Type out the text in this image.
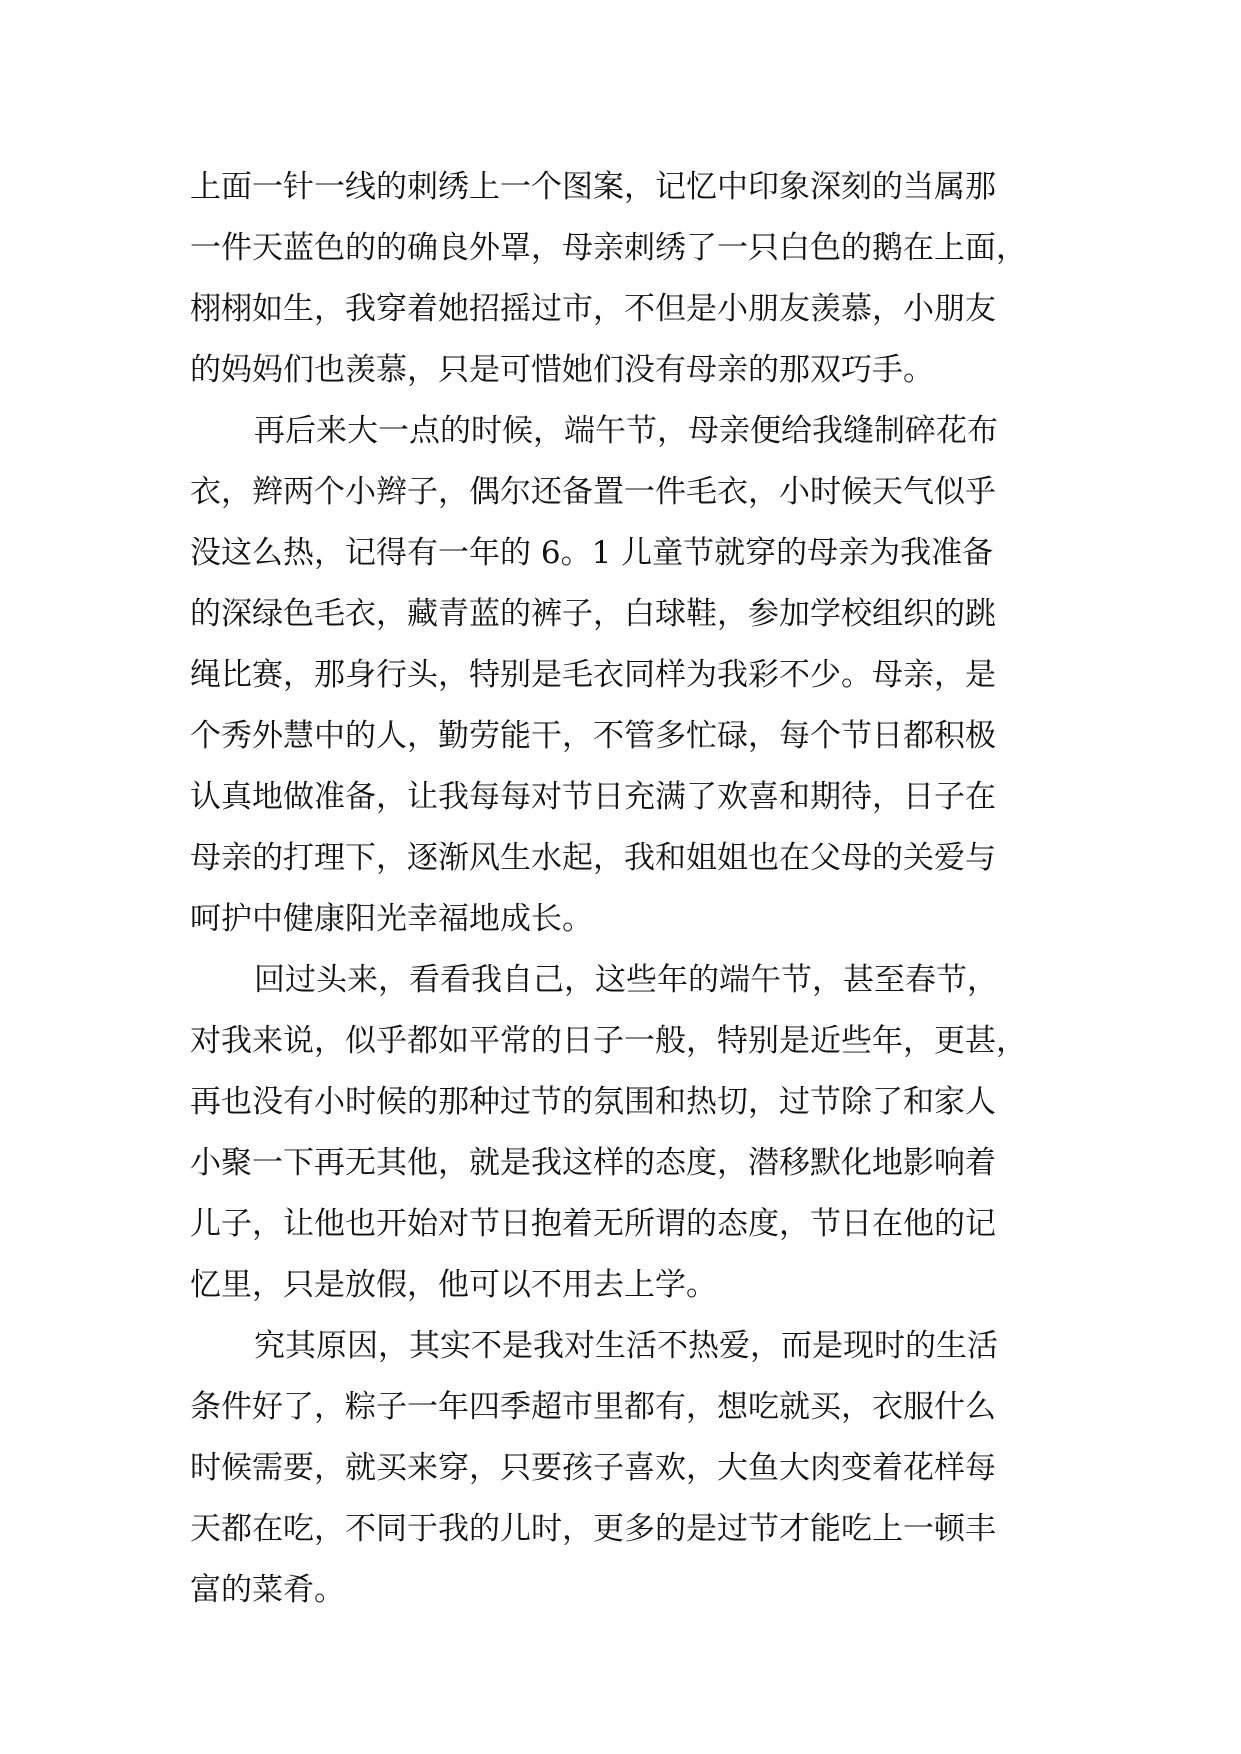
上面一针一线的刺绣上一个图案，记忆中印象深刻的当属那
一件天蓝色的的确良外罩，母亲刺绣了一只白色的鹅在上面，
栩栩如生，我穿着她招摇过市，不但是小朋友羡慕，小朋友
的妈妈们也羡慕，只是可惜她们没有母亲的那双巧手。
再后来大一点的时候，端午节，母亲便给我缝制碎花布
衣，辫两个小辫子，偶尔还备置一件毛衣，小时候天气似乎
没这么热，记得有一年的 6。1 儿童节就穿的母亲为我准备
的深绿色毛衣，藏青蓝的裤子，白球鞋，参加学校组织的跳
绳比赛，那身行头，特别是毛衣同样为我彩不少。母亲，是
个秀外慧中的人，勤劳能干，不管多忙碌，每个节日都积极
认真地做准备，让我每每对节日充满了欢喜和期待，日子在
母亲的打理下，逐渐风生水起，我和姐姐也在父母的关爱与
呵护中健康阳光幸福地成长。
回过头来，看看我自己，这些年的端午节，甚至春节，
对我来说，似乎都如平常的日子一般，特别是近些年，更甚，
再也没有小时候的那种过节的氛围和热切，过节除了和家人
小聚一下再无其他，就是我这样的态度，潜移默化地影响着
儿子，让他也开始对节日抱着无所谓的态度，节日在他的记
忆里，只是放假，他可以不用去上学。
究其原因，其实不是我对生活不热爱，而是现时的生活
条件好了，粽子一年四季超市里都有，想吃就买，衣服什么
时候需要，就买来穿，只要孩子喜欢，大鱼大肉变着花样每
天都在吃，不同于我的儿时，更多的是过节才能吃上一顿丰
富的菜肴。
